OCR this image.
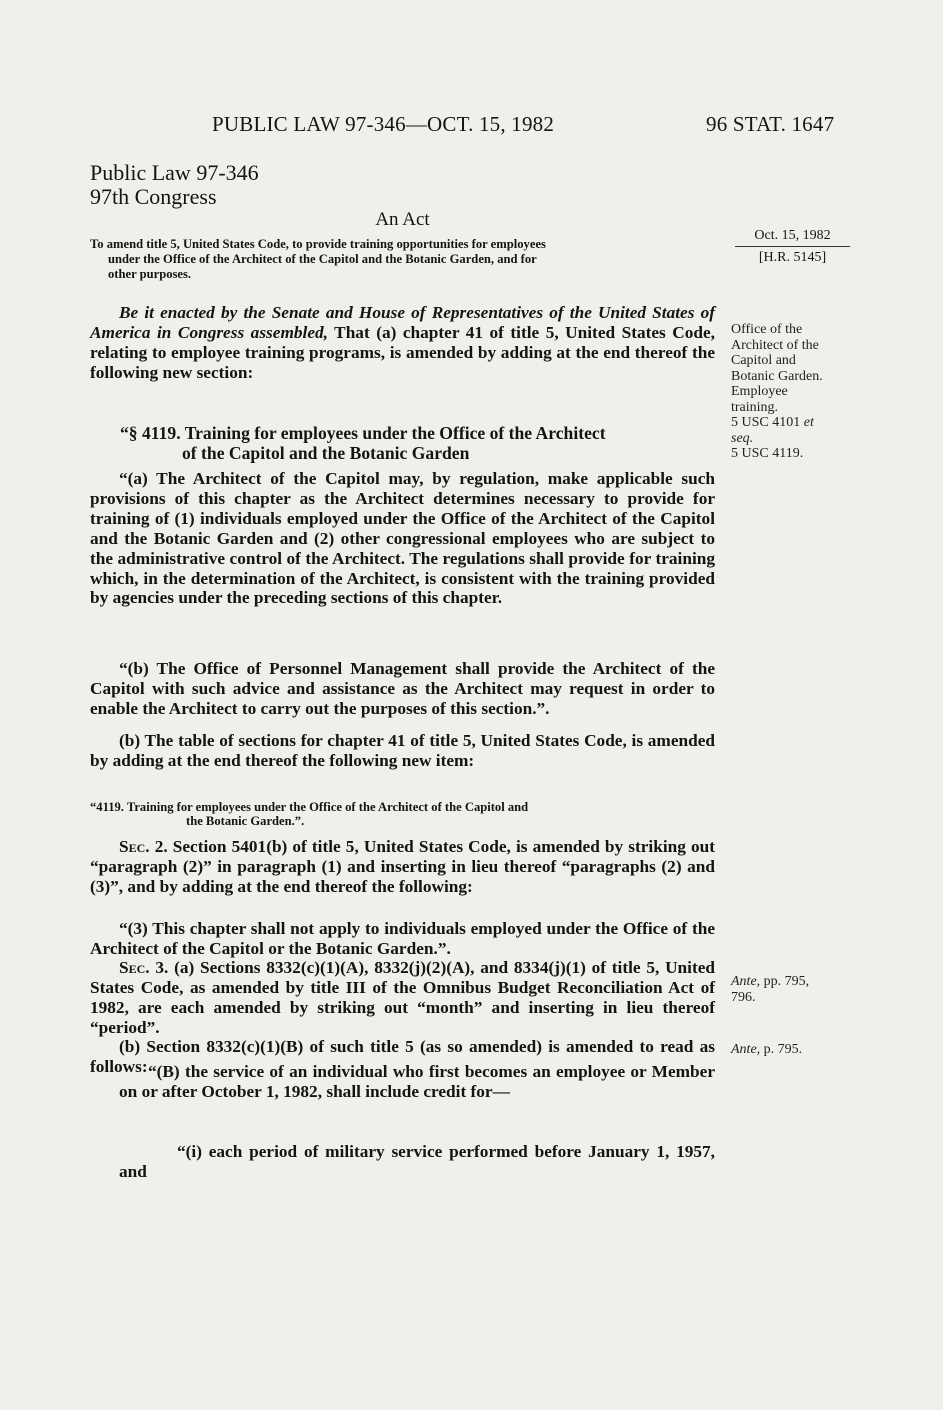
PUBLIC LAW 97-346—OCT. 15, 1982	96 STAT. 1647
Public Law 97-346
97th Congress
An Act
To amend title 5, United States Code, to provide training opportunities for employees
under the Office of the Architect of the Capitol and the Botanic Garden, and for
other purposes.
Oct. 15, 1982
[H.R. 5145]
Office of the
Architect of the
Capitol and
Botanic Garden.
Employee
training.
5 USC 4101 et
seq.
5 USC 4119.
Ante, pp. 795,
796.
Ante, p. 795.
Be it enacted by the Senate and House of Representatives of the United States of America in Congress assembled, That (a) chapter 41 of title 5, United States Code, relating to employee training programs, is amended by adding at the end thereof the following new section:
“§ 4119. Training for employees under the Office of the Architect
of the Capitol and the Botanic Garden
“(a) The Architect of the Capitol may, by regulation, make applicable such provisions of this chapter as the Architect determines necessary to provide for training of (1) individuals employed under the Office of the Architect of the Capitol and the Botanic Garden and (2) other congressional employees who are subject to the administrative control of the Architect. The regulations shall provide for training which, in the determination of the Architect, is consistent with the training provided by agencies under the preceding sections of this chapter.
“(b) The Office of Personnel Management shall provide the Architect of the Capitol with such advice and assistance as the Architect may request in order to enable the Architect to carry out the purposes of this section.”.
(b) The table of sections for chapter 41 of title 5, United States Code, is amended by adding at the end thereof the following new item:
“4119. Training for employees under the Office of the Architect of the Capitol and
the Botanic Garden.”.
Sec. 2. Section 5401(b) of title 5, United States Code, is amended by striking out “paragraph (2)” in paragraph (1) and inserting in lieu thereof “paragraphs (2) and (3)”, and by adding at the end thereof the following:
“(3) This chapter shall not apply to individuals employed under the Office of the Architect of the Capitol or the Botanic Garden.”.
Sec. 3. (a) Sections 8332(c)(1)(A), 8332(j)(2)(A), and 8334(j)(1) of title 5, United States Code, as amended by title III of the Omnibus Budget Reconciliation Act of 1982, are each amended by striking out “month” and inserting in lieu thereof “period”.
(b) Section 8332(c)(1)(B) of such title 5 (as so amended) is amended to read as follows: “(B) the service of an individual who first becomes an employee or Member on or after October 1, 1982, shall include credit for—
“(i) each period of military service performed before January 1, 1957, and
